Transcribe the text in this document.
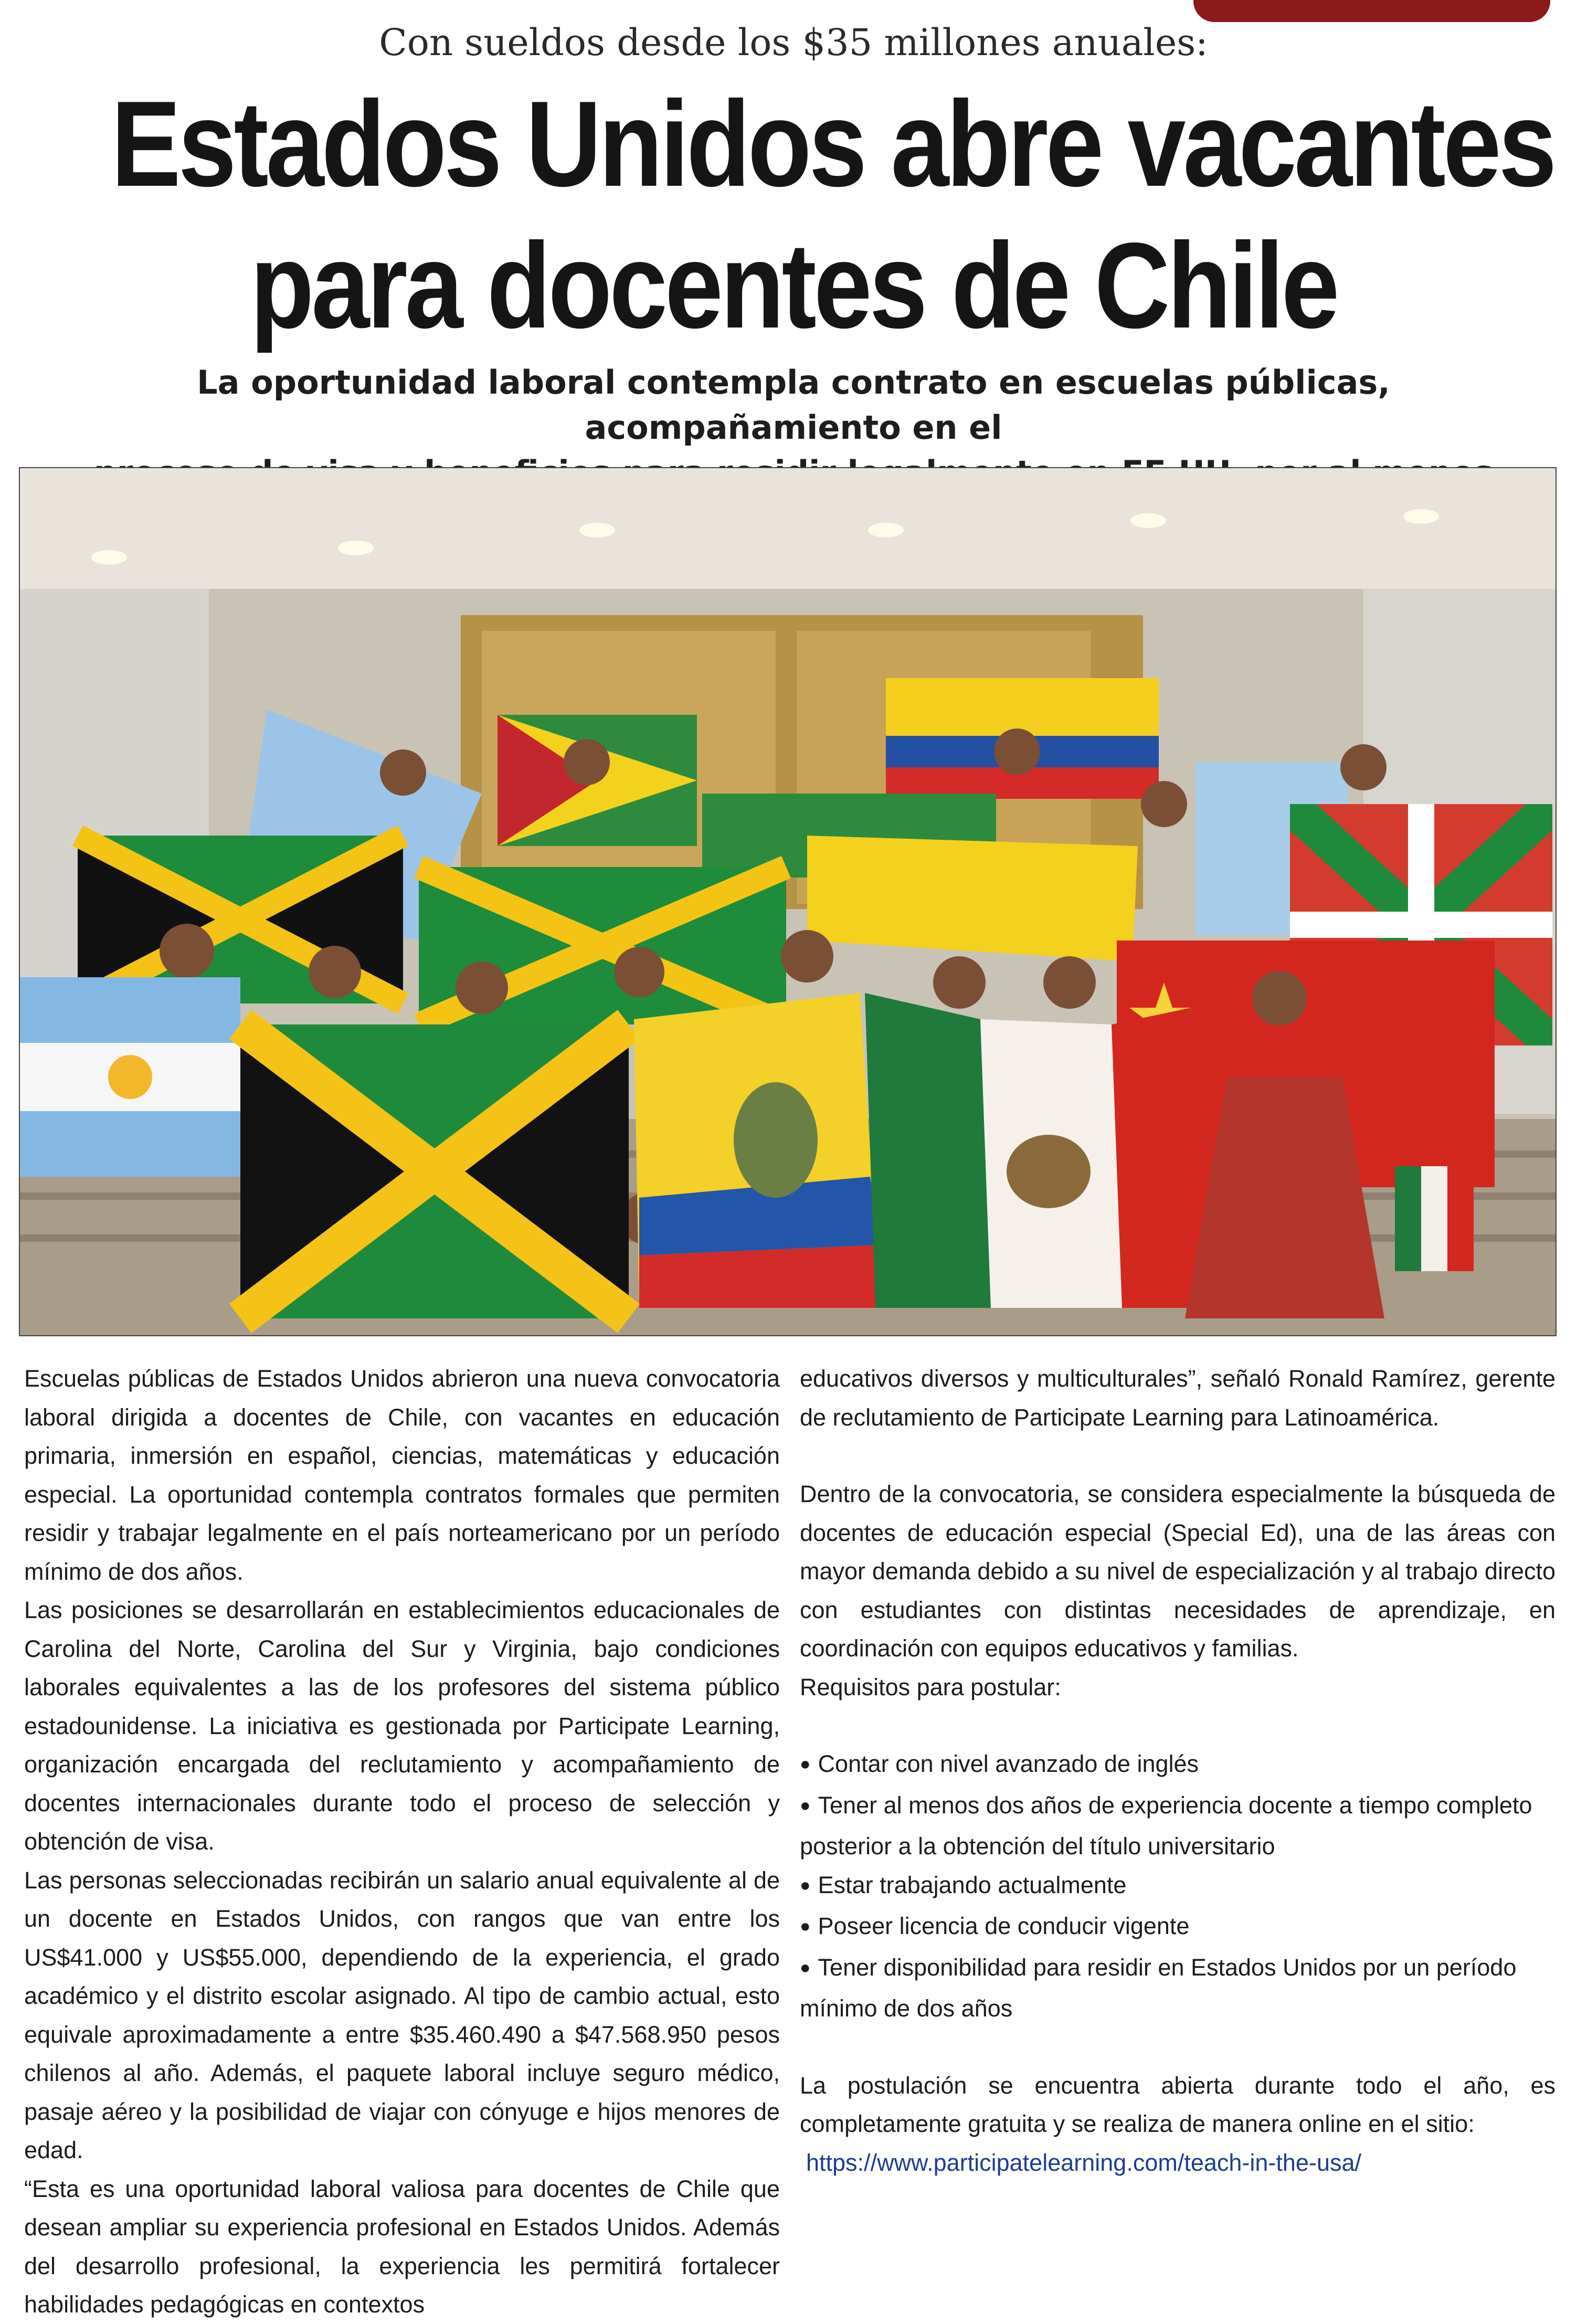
Con sueldos desde los $35 millones anuales:
Estados Unidos abre vacantes
para docentes de Chile
La oportunidad laboral contempla contrato en escuelas públicas, acompañamiento en el

Escuelas públicas de Estados Unidos abrieron una nueva convocatoria laboral dirigida a docentes de Chile, con vacantes en educación primaria, inmersión en español, ciencias, matemáticas y educación especial. La oportunidad contempla contratos formales que permiten residir y trabajar legalmente en el país norteamericano por un período mínimo de dos años.

Las posiciones se desarrollarán en establecimientos educacionales de Carolina del Norte, Carolina del Sur y Virginia, bajo condiciones laborales equivalentes a las de los profesores del sistema público estadounidense. La iniciativa es gestionada por Participate Learning, organización encargada del reclutamiento y acompañamiento de docentes internacionales durante todo el proceso de selección y obtención de visa.

Las personas seleccionadas recibirán un salario anual equivalente al de un docente en Estados Unidos, con rangos que van entre los US$41.000 y US$55.000, dependiendo de la experiencia, el grado académico y el distrito escolar asignado. Al tipo de cambio actual, esto equivale aproximadamente a entre $35.460.490 a $47.568.950 pesos chilenos al año. Además, el paquete laboral incluye seguro médico, pasaje aéreo y la posibilidad de viajar con cónyuge e hijos menores de edad.

“Esta es una oportunidad laboral valiosa para docentes de Chile que desean ampliar su experiencia profesional en Estados Unidos. Además del desarrollo profesional, la experiencia les permitirá fortalecer habilidades pedagógicas en contextos

educativos diversos y multiculturales”, señaló Ronald Ramírez, gerente de reclutamiento de Participate Learning para Latinoamérica.

Dentro de la convocatoria, se considera especialmente la búsqueda de docentes de educación especial (Special Ed), una de las áreas con mayor demanda debido a su nivel de especialización y al trabajo directo con estudiantes con distintas necesidades de aprendizaje, en coordinación con equipos educativos y familias.

Requisitos para postular:

● Contar con nivel avanzado de inglés
● Tener al menos dos años de experiencia docente a tiempo completo posterior a la obtención del título universitario
● Estar trabajando actualmente
● Poseer licencia de conducir vigente
● Tener disponibilidad para residir en Estados Unidos por un período mínimo de dos años

La postulación se encuentra abierta durante todo el año, es completamente gratuita y se realiza de manera online en el sitio:

https://www.participatelearning.com/teach-in-the-usa/
